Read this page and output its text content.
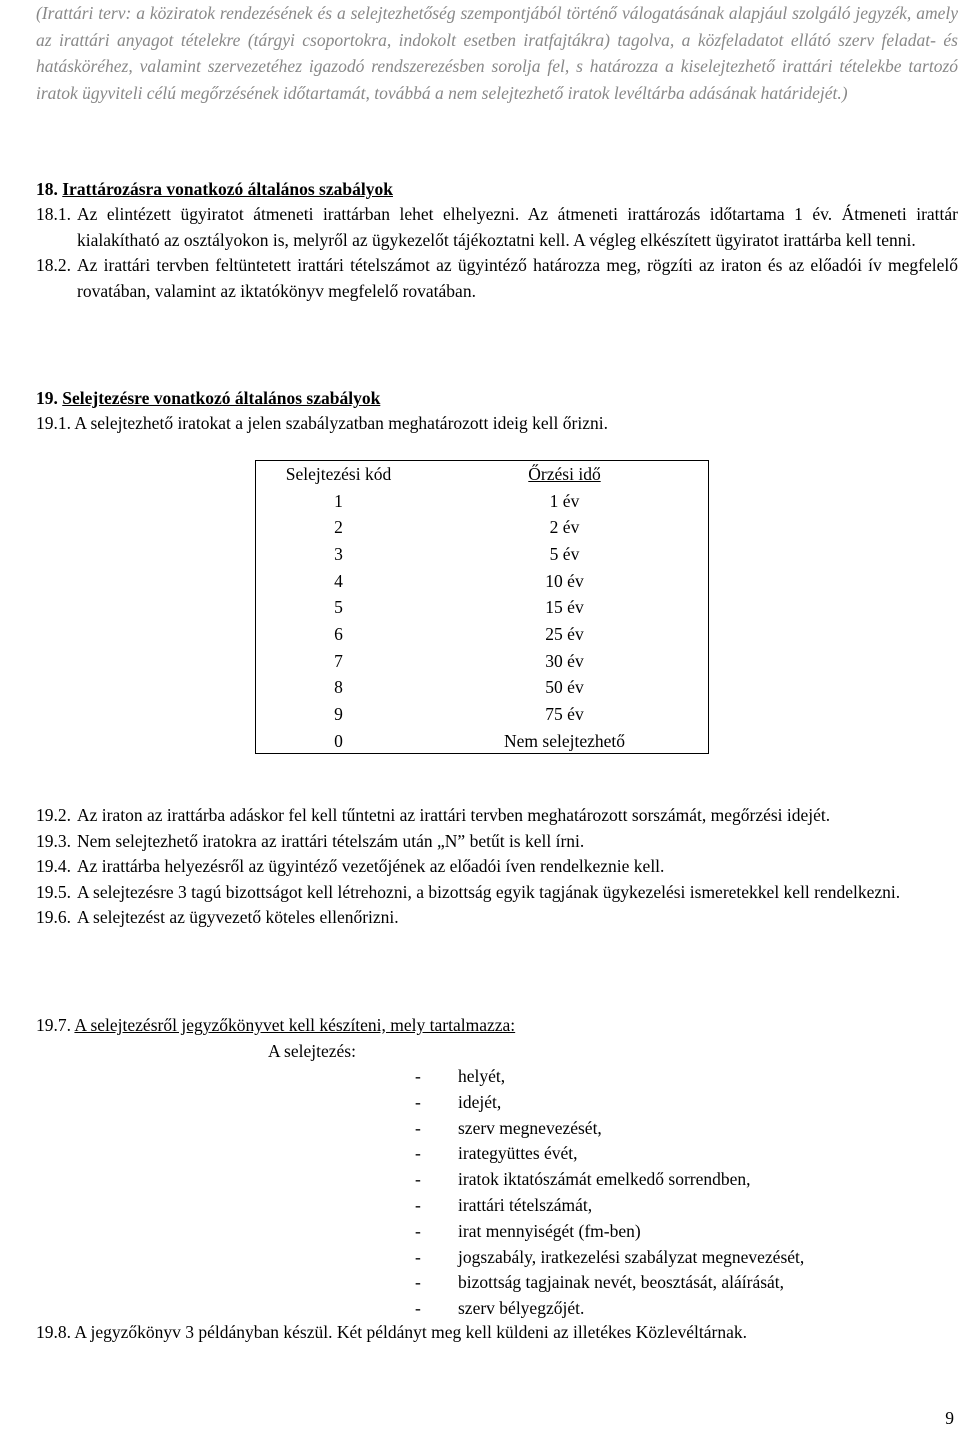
(Irattári terv: a köziratok rendezésének és a selejtezhetőség szempontjából történő válogatásának alapjául szolgáló jegyzék, amely az irattári anyagot tételekre (tárgyi csoportokra, indokolt esetben iratfajtákra) tagolva, a közfeladatot ellátó szerv feladat- és hatásköréhez, valamint szervezetéhez igazodó rendszerezésben sorolja fel, s határozza a kiselejtezhető irattári tételekbe tartozó iratok ügyviteli célú megőrzésének időtartamát, továbbá a nem selejtezhető iratok levéltárba adásának határidejét.)

18. Irattározásra vonatkozó általános szabályok
18.1. Az elintézett ügyiratot átmeneti irattárban lehet elhelyezni. Az átmeneti irattározás időtartama 1 év. Átmeneti irattár kialakítható az osztályokon is, melyről az ügykezelőt tájékoztatni kell. A végleg elkészített ügyiratot irattárba kell tenni.
18.2. Az irattári tervben feltüntetett irattári tételszámot az ügyintéző határozza meg, rögzíti az iraton és az előadói ív megfelelő rovatában, valamint az iktatókönyv megfelelő rovatában.
19. Selejtezésre vonatkozó általános szabályok
19.1. A selejtezhető iratokat a jelen szabályzatban meghatározott ideig kell őrizni.
Selejtezési kód	Őrzési idő
1	1 év
2	2 év
3	5 év
4	10 év
5	15 év
6	25 év
7	30 év
8	50 év
9	75 év
0	Nem selejtezhető
19.2. Az iraton az irattárba adáskor fel kell tűntetni az irattári tervben meghatározott sorszámát, megőrzési idejét.
19.3. Nem selejtezhető iratokra az irattári tételszám után „N” betűt is kell írni.
19.4. Az irattárba helyezésről az ügyintéző vezetőjének az előadói íven rendelkeznie kell.
19.5. A selejtezésre 3 tagú bizottságot kell létrehozni, a bizottság egyik tagjának ügykezelési ismeretekkel kell rendelkezni.
19.6. A selejtezést az ügyvezető köteles ellenőrizni.
19.7. A selejtezésről jegyzőkönyvet kell készíteni, mely tartalmazza:
A selejtezés:
- helyét,
- idejét,
- szerv megnevezését,
- irategyüttes évét,
- iratok iktatószámát emelkedő sorrendben,
- irattári tételszámát,
- irat mennyiségét (fm-ben)
- jogszabály, iratkezelési szabályzat megnevezését,
- bizottság tagjainak nevét, beosztását, aláírását,
- szerv bélyegzőjét.
19.8. A jegyzőkönyv 3 példányban készül. Két példányt meg kell küldeni az illetékes Közlevéltárnak.
9
